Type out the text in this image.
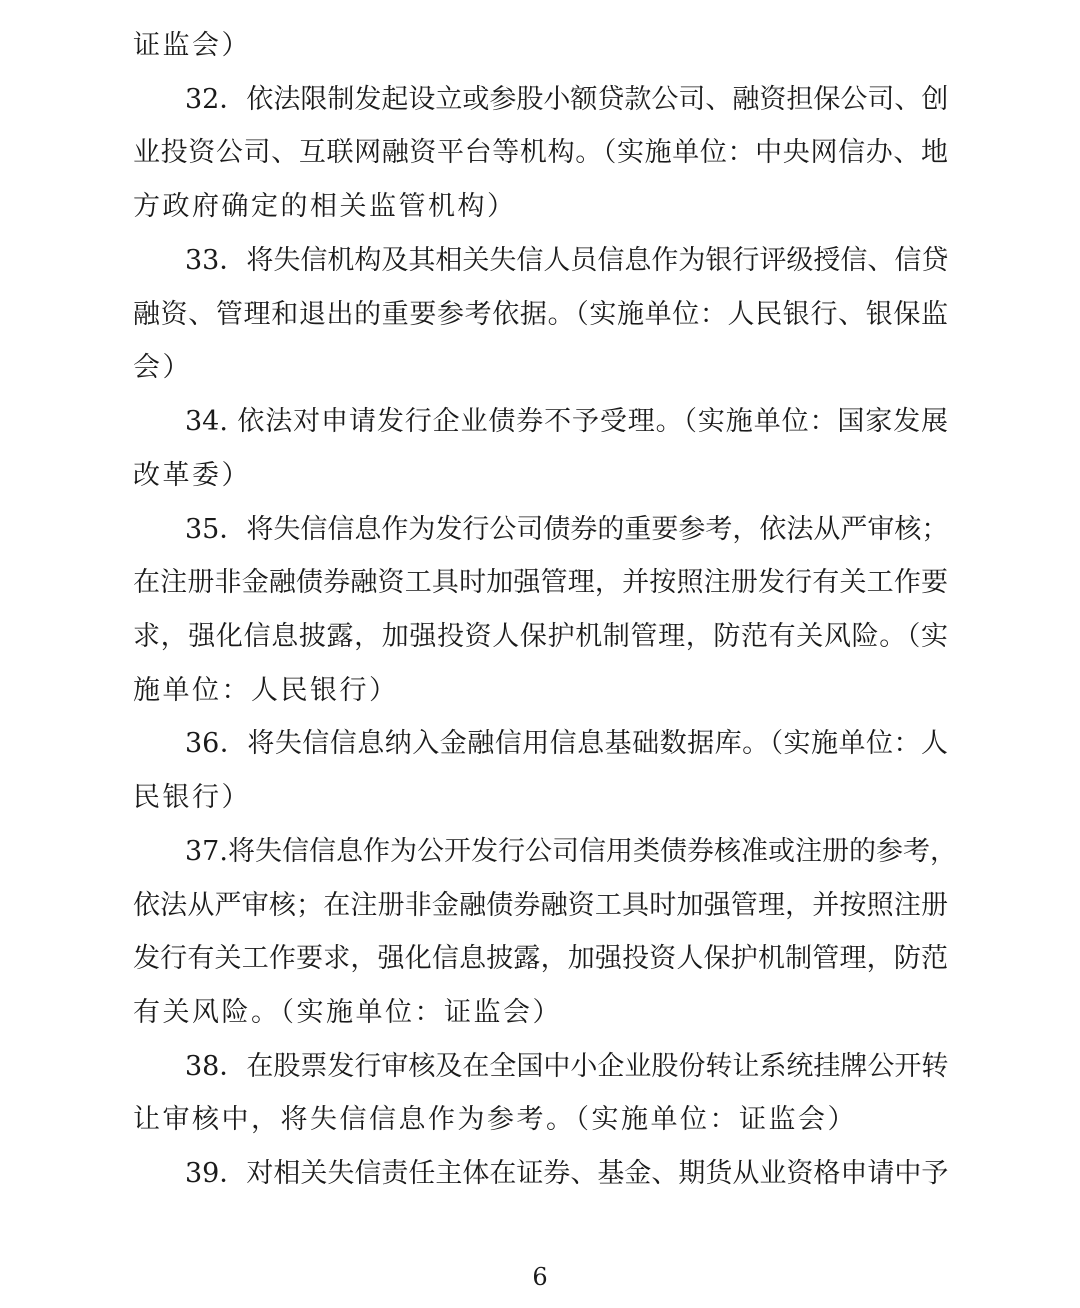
证监会）
32．依法限制发起设立或参股小额贷款公司、融资担保公司、创
业投资公司、互联网融资平台等机构。（实施单位：中央网信办、地
方政府确定的相关监管机构）
33．将失信机构及其相关失信人员信息作为银行评级授信、信贷
融资、管理和退出的重要参考依据。（实施单位：人民银行、银保监
会）
34. 依法对申请发行企业债券不予受理。（实施单位：国家发展
改革委）
35．将失信信息作为发行公司债券的重要参考，依法从严审核；
在注册非金融债券融资工具时加强管理，并按照注册发行有关工作要
求，强化信息披露，加强投资人保护机制管理，防范有关风险。（实
施单位：人民银行）
36．将失信信息纳入金融信用信息基础数据库。（实施单位：人
民银行）
37.将失信信息作为公开发行公司信用类债券核准或注册的参考，
依法从严审核；在注册非金融债券融资工具时加强管理，并按照注册
发行有关工作要求，强化信息披露，加强投资人保护机制管理，防范
有关风险。（实施单位：证监会）
38．在股票发行审核及在全国中小企业股份转让系统挂牌公开转
让审核中，将失信信息作为参考。（实施单位：证监会）
39．对相关失信责任主体在证券、基金、期货从业资格申请中予
6
